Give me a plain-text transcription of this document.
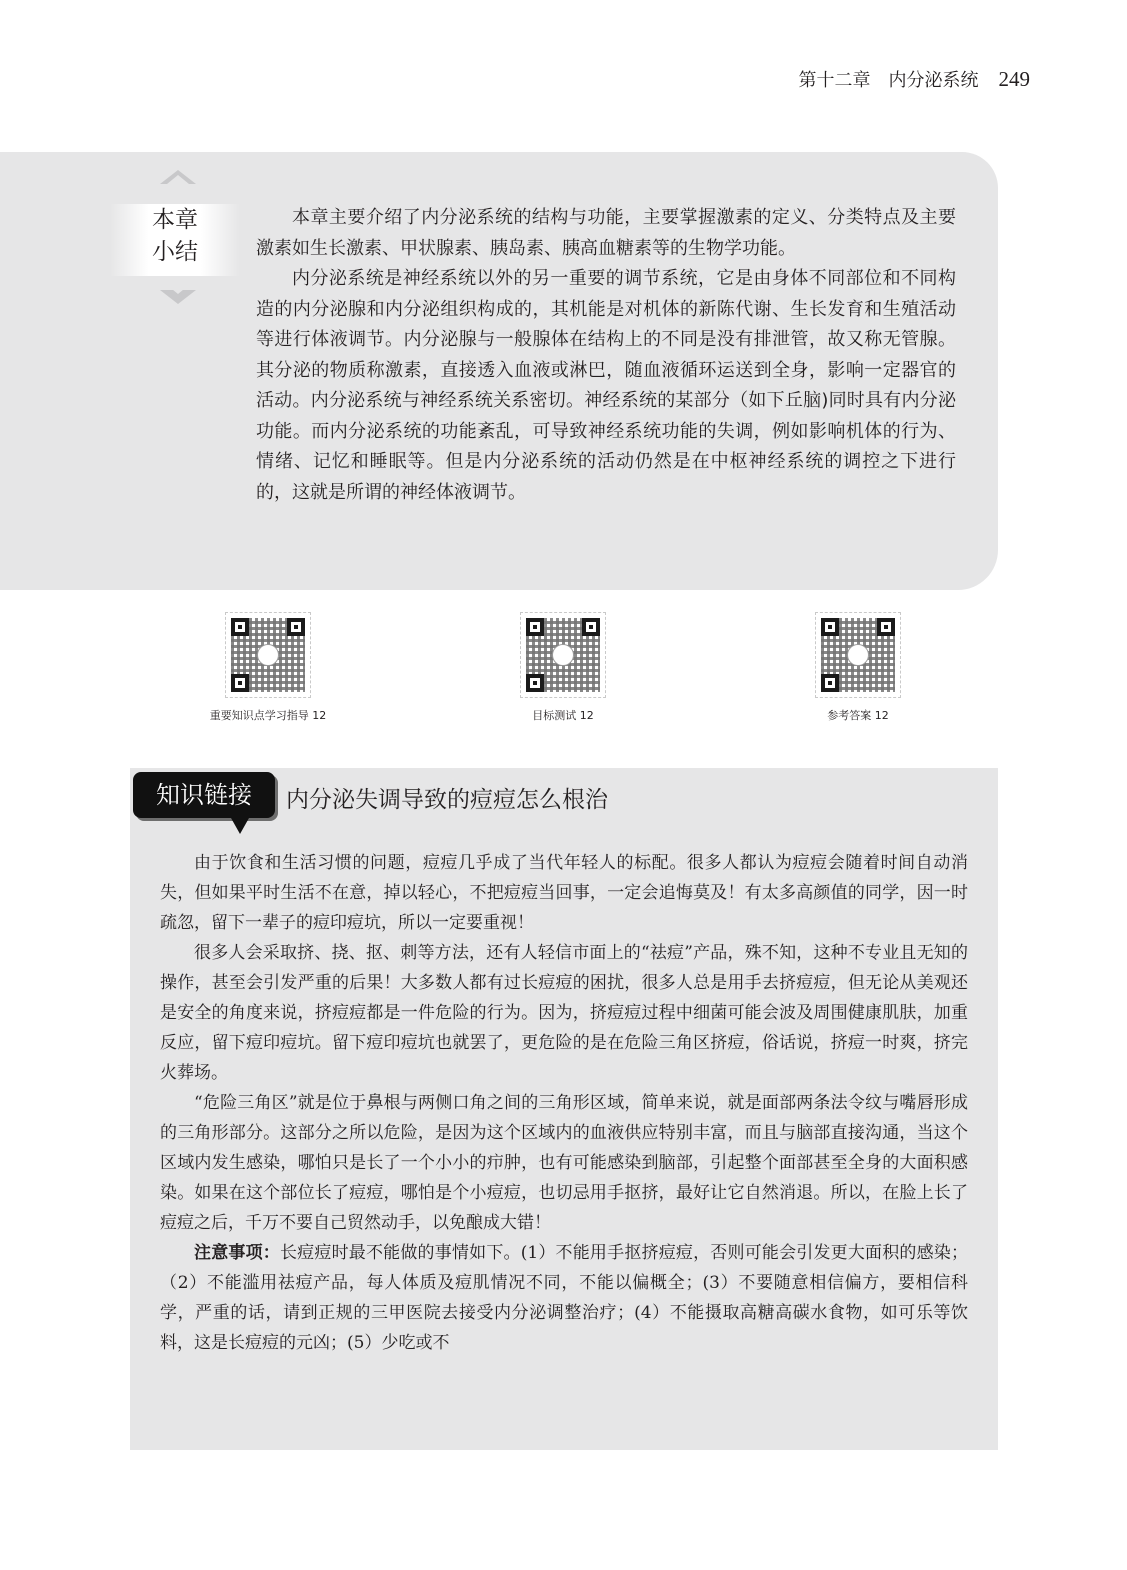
第十二章　内分泌系统 249
本章
小结

本章主要介绍了内分泌系统的结构与功能，主要掌握激素的定义、分类特点及主要激素如生长激素、甲状腺素、胰岛素、胰高血糖素等的生物学功能。

内分泌系统是神经系统以外的另一重要的调节系统，它是由身体不同部位和不同构造的内分泌腺和内分泌组织构成的，其机能是对机体的新陈代谢、生长发育和生殖活动等进行体液调节。内分泌腺与一般腺体在结构上的不同是没有排泄管，故又称无管腺。其分泌的物质称激素，直接透入血液或淋巴，随血液循环运送到全身，影响一定器官的活动。内分泌系统与神经系统关系密切。神经系统的某部分（如下丘脑)同时具有内分泌功能。而内分泌系统的功能紊乱，可导致神经系统功能的失调，例如影响机体的行为、情绪、记忆和睡眠等。但是内分泌系统的活动仍然是在中枢神经系统的调控之下进行的，这就是所谓的神经体液调节。

重要知识点学习指导 12	目标测试 12	参考答案 12
知识链接	内分泌失调导致的痘痘怎么根治

由于饮食和生活习惯的问题，痘痘几乎成了当代年轻人的标配。很多人都认为痘痘会随着时间自动消失，但如果平时生活不在意，掉以轻心，不把痘痘当回事，一定会追悔莫及！有太多高颜值的同学，因一时疏忽，留下一辈子的痘印痘坑，所以一定要重视！

很多人会采取挤、挠、抠、刺等方法，还有人轻信市面上的“祛痘”产品，殊不知，这种不专业且无知的操作，甚至会引发严重的后果！大多数人都有过长痘痘的困扰，很多人总是用手去挤痘痘，但无论从美观还是安全的角度来说，挤痘痘都是一件危险的行为。因为，挤痘痘过程中细菌可能会波及周围健康肌肤，加重反应，留下痘印痘坑。留下痘印痘坑也就罢了，更危险的是在危险三角区挤痘，俗话说，挤痘一时爽，挤完火葬场。

“危险三角区”就是位于鼻根与两侧口角之间的三角形区域，简单来说，就是面部两条法令纹与嘴唇形成的三角形部分。这部分之所以危险，是因为这个区域内的血液供应特别丰富，而且与脑部直接沟通，当这个区域内发生感染，哪怕只是长了一个小小的疖肿，也有可能感染到脑部，引起整个面部甚至全身的大面积感染。如果在这个部位长了痘痘，哪怕是个小痘痘，也切忌用手抠挤，最好让它自然消退。所以，在脸上长了痘痘之后，千万不要自己贸然动手，以免酿成大错！

注意事项：长痘痘时最不能做的事情如下。(1）不能用手抠挤痘痘，否则可能会引发更大面积的感染；（2）不能滥用祛痘产品，每人体质及痘肌情况不同，不能以偏概全；(3）不要随意相信偏方，要相信科学，严重的话，请到正规的三甲医院去接受内分泌调整治疗；(4）不能摄取高糖高碳水食物，如可乐等饮料，这是长痘痘的元凶；(5）少吃或不
